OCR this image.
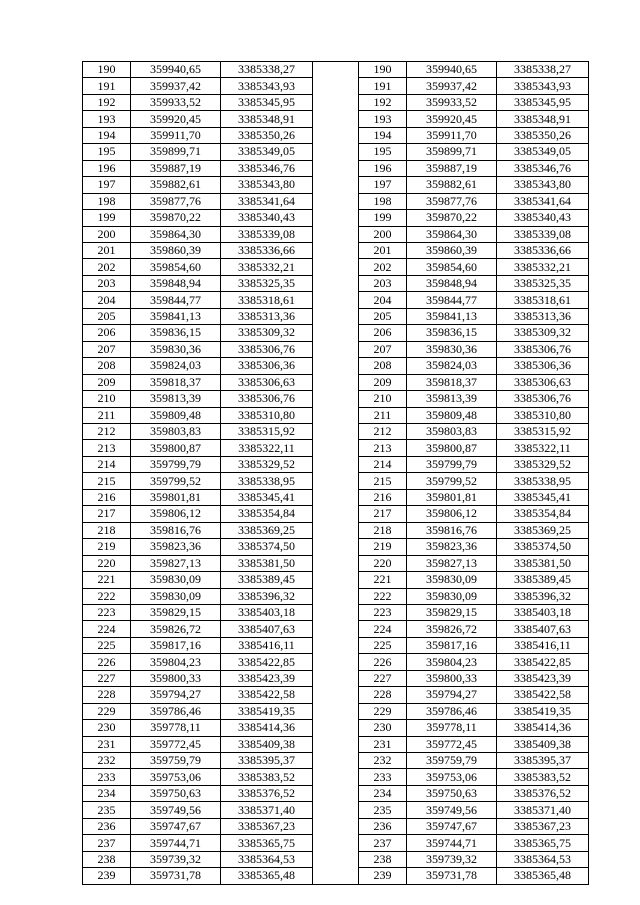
190	359940,65	3385338,27		190	359940,65	3385338,27
191	359937,42	3385343,93		191	359937,42	3385343,93
192	359933,52	3385345,95		192	359933,52	3385345,95
193	359920,45	3385348,91		193	359920,45	3385348,91
194	359911,70	3385350,26		194	359911,70	3385350,26
195	359899,71	3385349,05		195	359899,71	3385349,05
196	359887,19	3385346,76		196	359887,19	3385346,76
197	359882,61	3385343,80		197	359882,61	3385343,80
198	359877,76	3385341,64		198	359877,76	3385341,64
199	359870,22	3385340,43		199	359870,22	3385340,43
200	359864,30	3385339,08		200	359864,30	3385339,08
201	359860,39	3385336,66		201	359860,39	3385336,66
202	359854,60	3385332,21		202	359854,60	3385332,21
203	359848,94	3385325,35		203	359848,94	3385325,35
204	359844,77	3385318,61		204	359844,77	3385318,61
205	359841,13	3385313,36		205	359841,13	3385313,36
206	359836,15	3385309,32		206	359836,15	3385309,32
207	359830,36	3385306,76		207	359830,36	3385306,76
208	359824,03	3385306,36		208	359824,03	3385306,36
209	359818,37	3385306,63		209	359818,37	3385306,63
210	359813,39	3385306,76		210	359813,39	3385306,76
211	359809,48	3385310,80		211	359809,48	3385310,80
212	359803,83	3385315,92		212	359803,83	3385315,92
213	359800,87	3385322,11		213	359800,87	3385322,11
214	359799,79	3385329,52		214	359799,79	3385329,52
215	359799,52	3385338,95		215	359799,52	3385338,95
216	359801,81	3385345,41		216	359801,81	3385345,41
217	359806,12	3385354,84		217	359806,12	3385354,84
218	359816,76	3385369,25		218	359816,76	3385369,25
219	359823,36	3385374,50		219	359823,36	3385374,50
220	359827,13	3385381,50		220	359827,13	3385381,50
221	359830,09	3385389,45		221	359830,09	3385389,45
222	359830,09	3385396,32		222	359830,09	3385396,32
223	359829,15	3385403,18		223	359829,15	3385403,18
224	359826,72	3385407,63		224	359826,72	3385407,63
225	359817,16	3385416,11		225	359817,16	3385416,11
226	359804,23	3385422,85		226	359804,23	3385422,85
227	359800,33	3385423,39		227	359800,33	3385423,39
228	359794,27	3385422,58		228	359794,27	3385422,58
229	359786,46	3385419,35		229	359786,46	3385419,35
230	359778,11	3385414,36		230	359778,11	3385414,36
231	359772,45	3385409,38		231	359772,45	3385409,38
232	359759,79	3385395,37		232	359759,79	3385395,37
233	359753,06	3385383,52		233	359753,06	3385383,52
234	359750,63	3385376,52		234	359750,63	3385376,52
235	359749,56	3385371,40		235	359749,56	3385371,40
236	359747,67	3385367,23		236	359747,67	3385367,23
237	359744,71	3385365,75		237	359744,71	3385365,75
238	359739,32	3385364,53		238	359739,32	3385364,53
239	359731,78	3385365,48		239	359731,78	3385365,48
